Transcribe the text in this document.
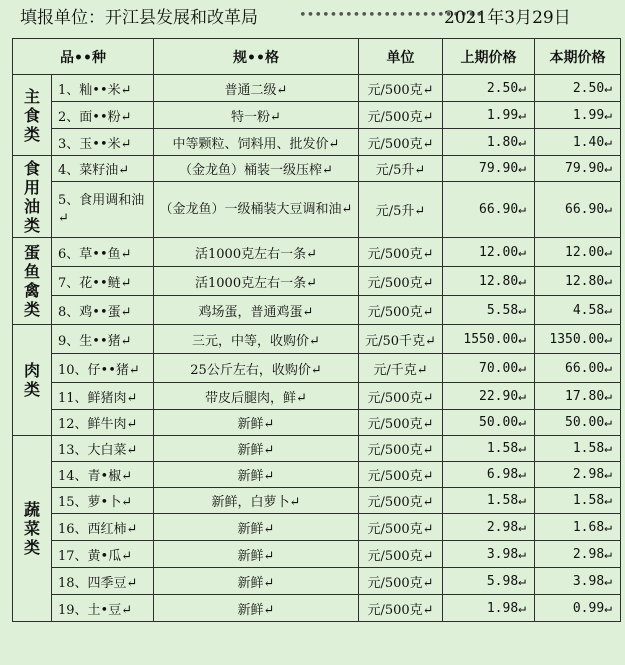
填报单位：开江县发展和改革局	••••••••••••••••••••••••
2021年3月29日
品••种		规••格	单位	上期价格	本期价格

主
食
类	1、籼••米↵	普通二级↵	元/500克↵	2.50↵	2.50↵
	2、面••粉↵	特一粉↵	元/500克↵	1.99↵	1.99↵
	3、玉••米↵	中等颗粒、饲料用、批发价↵	元/500克↵	1.80↵	1.40↵

食
用
油
类	4、菜籽油↵	（金龙鱼）桶装一级压榨↵	元/5升↵	79.90↵	79.90↵
	5、食用调和油↵	（金龙鱼）一级桶装大豆调和油↵	元/5升↵	66.90↵	66.90↵

蛋
鱼
禽
类	6、草••鱼↵	活1000克左右一条↵	元/500克↵	12.00↵	12.00↵
	7、花••鲢↵	活1000克左右一条↵	元/500克↵	12.80↵	12.80↵
	8、鸡••蛋↵	鸡场蛋，普通鸡蛋↵	元/500克↵	5.58↵	4.58↵

肉
类	9、生••猪↵	三元，中等，收购价↵	元/50千克↵	1550.00↵	1350.00↵
	10、仔••猪↵	25公斤左右，收购价↵	元/千克↵	70.00↵	66.00↵
	11、鲜猪肉↵	带皮后腿肉，鲜↵	元/500克↵	22.90↵	17.80↵
	12、鲜牛肉↵	新鲜↵	元/500克↵	50.00↵	50.00↵

蔬
菜
类	13、大白菜↵	新鲜↵	元/500克↵	1.58↵	1.58↵
	14、青•椒↵	新鲜↵	元/500克↵	6.98↵	2.98↵
	15、萝•卜↵	新鲜，白萝卜↵	元/500克↵	1.58↵	1.58↵
	16、西红柿↵	新鲜↵	元/500克↵	2.98↵	1.68↵
	17、黄•瓜↵	新鲜↵	元/500克↵	3.98↵	2.98↵
	18、四季豆↵	新鲜↵	元/500克↵	5.98↵	3.98↵
	19、土•豆↵	新鲜↵	元/500克↵	1.98↵	0.99↵
